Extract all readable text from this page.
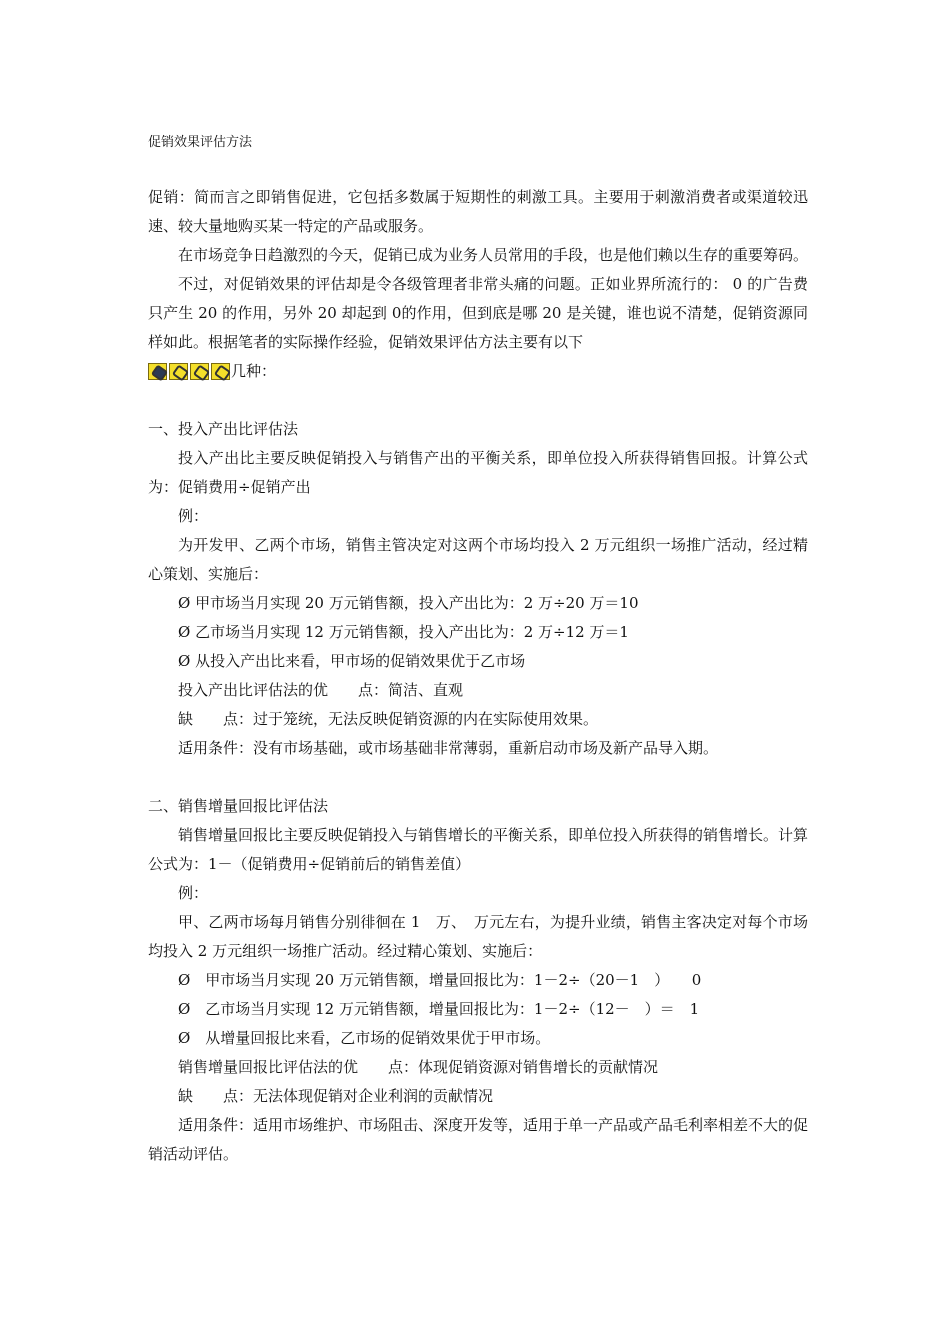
促销效果评估方法

促销：简而言之即销售促进，它包括多数属于短期性的刺激工具。主要用于刺激消费者或渠道较迅速、较大量地购买某一特定的产品或服务。

在市场竞争日趋激烈的今天，促销已成为业务人员常用的手段，也是他们赖以生存的重要筹码。

不过，对促销效果的评估却是令各级管理者非常头痛的问题。正如业界所流行的： 0 的广告费只产生 20 的作用，另外 20 却起到 0的作用，但到底是哪 20 是关键，谁也说不清楚，促销资源同样如此。根据笔者的实际操作经验，促销效果评估方法主要有以下

几种：

一、投入产出比评估法

投入产出比主要反映促销投入与销售产出的平衡关系，即单位投入所获得销售回报。计算公式为：促销费用÷促销产出

例：

为开发甲、乙两个市场，销售主管决定对这两个市场均投入 2 万元组织一场推广活动，经过精心策划、实施后：

Ø 甲市场当月实现 20 万元销售额，投入产出比为：2 万÷20 万＝10

Ø 乙市场当月实现 12 万元销售额，投入产出比为：2 万÷12 万＝1

Ø 从投入产出比来看，甲市场的促销效果优于乙市场

投入产出比评估法的优　　点：简洁、直观

缺　　点：过于笼统，无法反映促销资源的内在实际使用效果。

适用条件：没有市场基础，或市场基础非常薄弱，重新启动市场及新产品导入期。

二、销售增量回报比评估法

销售增量回报比主要反映促销投入与销售增长的平衡关系，即单位投入所获得的销售增长。计算公式为：1－（促销费用÷促销前后的销售差值）

例：

甲、乙两市场每月销售分别徘徊在 1　万、　万元左右，为提升业绩，销售主客决定对每个市场均投入 2 万元组织一场推广活动。经过精心策划、实施后：

Ø　甲市场当月实现 20 万元销售额，增量回报比为：1－2÷（20－1　）　　0

Ø　乙市场当月实现 12 万元销售额，增量回报比为：1－2÷（12－　）＝　1

Ø　从增量回报比来看，乙市场的促销效果优于甲市场。

销售增量回报比评估法的优　　点：体现促销资源对销售增长的贡献情况

缺　　点：无法体现促销对企业利润的贡献情况

适用条件：适用市场维护、市场阻击、深度开发等，适用于单一产品或产品毛利率相差不大的促销活动评估。
